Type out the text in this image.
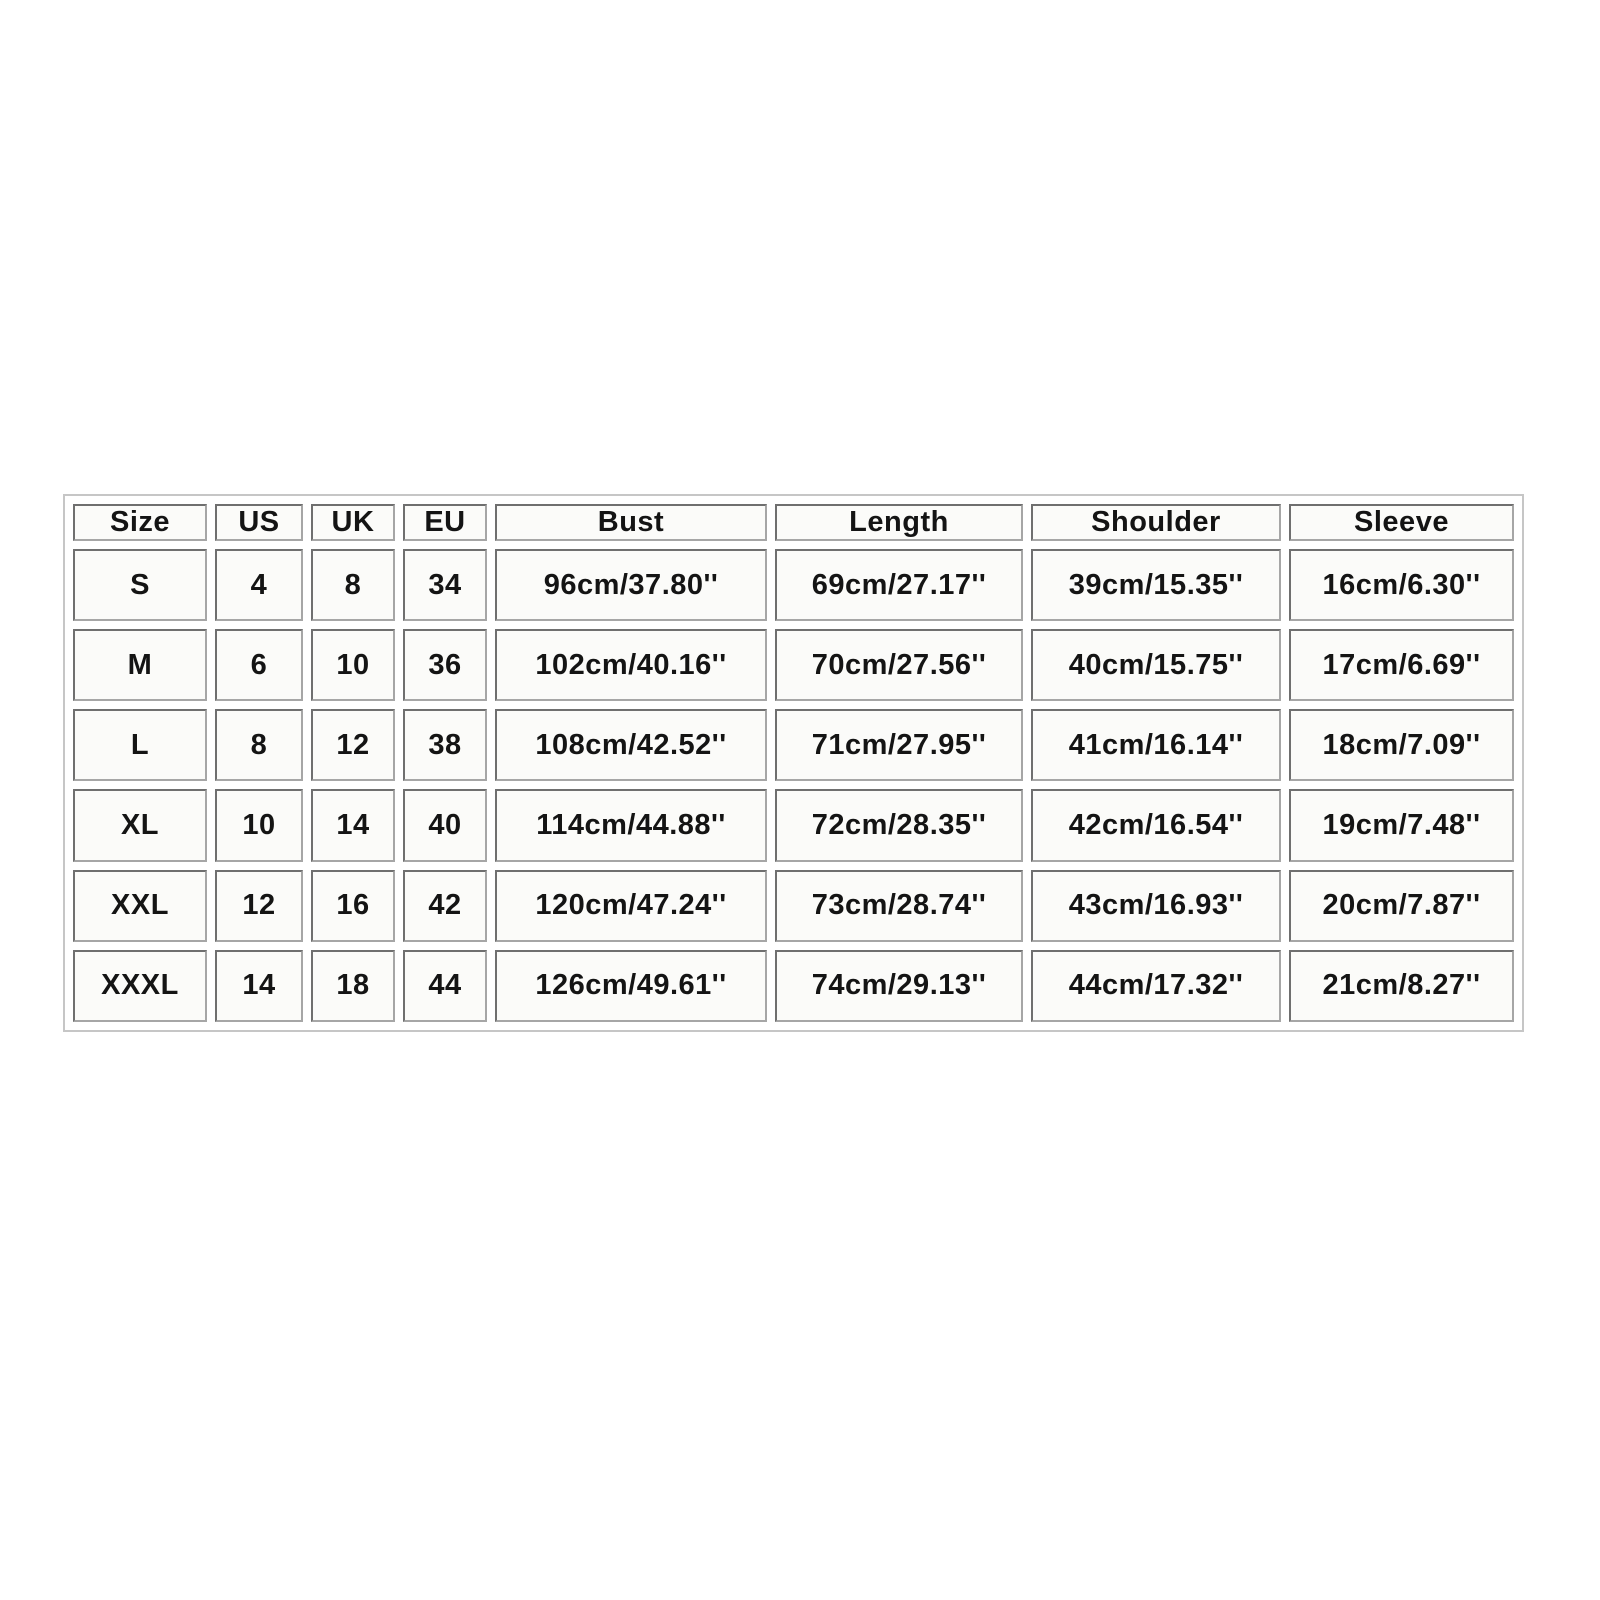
Size	US	UK	EU	Bust	Length	Shoulder	Sleeve
S	4	8	34	96cm/37.80''	69cm/27.17''	39cm/15.35''	16cm/6.30''
M	6	10	36	102cm/40.16''	70cm/27.56''	40cm/15.75''	17cm/6.69''
L	8	12	38	108cm/42.52''	71cm/27.95''	41cm/16.14''	18cm/7.09''
XL	10	14	40	114cm/44.88''	72cm/28.35''	42cm/16.54''	19cm/7.48''
XXL	12	16	42	120cm/47.24''	73cm/28.74''	43cm/16.93''	20cm/7.87''
XXXL	14	18	44	126cm/49.61''	74cm/29.13''	44cm/17.32''	21cm/8.27''
